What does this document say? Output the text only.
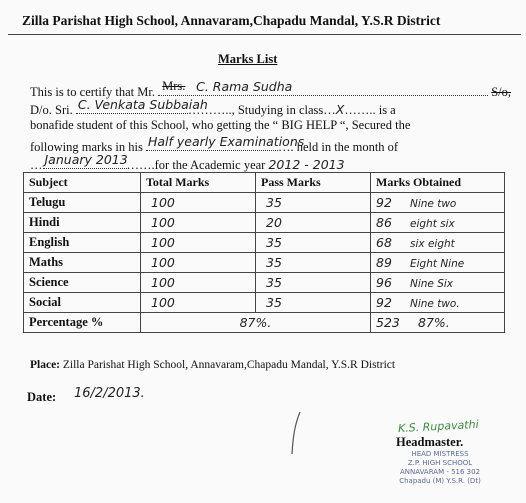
Zilla Parishat High School, Annavaram,Chapadu Mandal, Y.S.R District
Marks List
This is to certify that Mr. Mrs. C. Rama Sudha	S/o,
D/o. Sri. C. Venkata Subbaiah
……….., Studying in class…X…….. is a
bonafide student of this School, who getting the “ BIG HELP “, Secured the
following marks in his Half yearly Examinations
…. held in the month of
… January 2013
…….for the Academic year 2012 - 2013
Subject	Total Marks	Pass Marks	Marks Obtained
Telugu	100	35	92 Nine two
Hindi	100	20	86 eight six
English	100	35	68 six eight
Maths	100	35	89 Eight Nine
Science	100	35	96 Nine Six
Social	100	35	92 Nine two.
Percentage %	87%.		523 87%.
Place: Zilla Parishat High School, Annavaram,Chapadu Mandal, Y.S.R District
Date: 16/2/2013.
K.S. Rupavathi
Headmaster.
HEAD MISTRESS
Z.P. HIGH SCHOOL
ANNAVARAM - 516 302
Chapadu (M) Y.S.R. (Dt)
